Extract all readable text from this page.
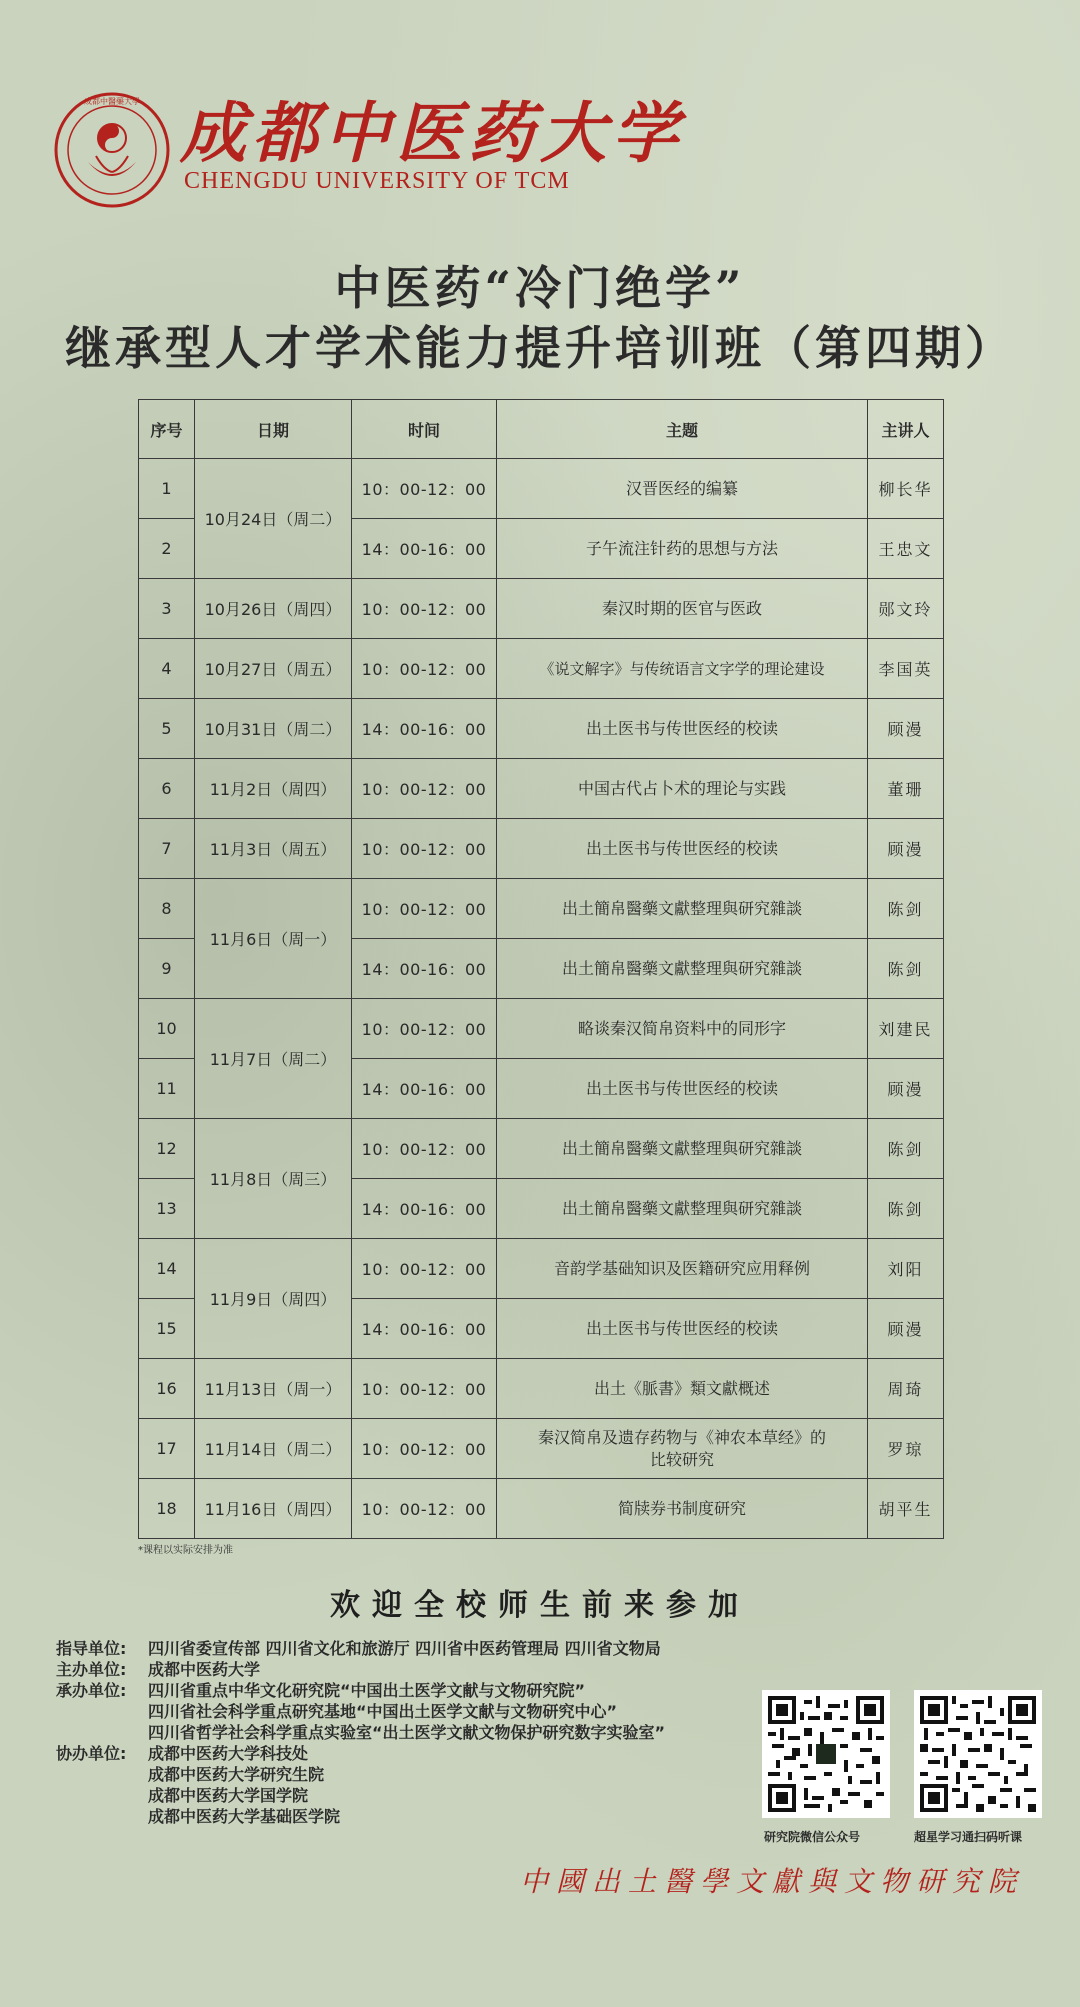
成都中醫藥大學 成都中医药大学
CHENGDU UNIVERSITY OF TCM
中医药“冷门绝学”
继承型人才学术能力提升培训班（第四期）
序号	日期	时间	主题	主讲人
1	10月24日（周二）	10：00-12：00	汉晋医经的编纂	柳长华
2		14：00-16：00	子午流注针药的思想与方法	王忠文
3	10月26日（周四）	10：00-12：00	秦汉时期的医官与医政	郧文玲
4	10月27日（周五）	10：00-12：00	《说文解字》与传统语言文字学的理论建设	李国英
5	10月31日（周二）	14：00-16：00	出土医书与传世医经的校读	顾漫
6	11月2日（周四）	10：00-12：00	中国古代占卜术的理论与实践	董珊
7	11月3日（周五）	10：00-12：00	出土医书与传世医经的校读	顾漫
8	11月6日（周一）	10：00-12：00	出土簡帛醫藥文獻整理與研究雜談	陈剑
9		14：00-16：00	出土簡帛醫藥文獻整理與研究雜談	陈剑
10	11月7日（周二）	10：00-12：00	略谈秦汉简帛资料中的同形字	刘建民
11		14：00-16：00	出土医书与传世医经的校读	顾漫
12	11月8日（周三）	10：00-12：00	出土簡帛醫藥文獻整理與研究雜談	陈剑
13		14：00-16：00	出土簡帛醫藥文獻整理與研究雜談	陈剑
14	11月9日（周四）	10：00-12：00	音韵学基础知识及医籍研究应用释例	刘阳
15		14：00-16：00	出土医书与传世医经的校读	顾漫
16	11月13日（周一）	10：00-12：00	出土《脈書》類文獻概述	周琦
17	11月14日（周二）	10：00-12：00	秦汉简帛及遗存药物与《神农本草经》的
比较研究	罗琼
18	11月16日（周四）	10：00-12：00	简牍券书制度研究	胡平生
*课程以实际安排为准
欢迎全校师生前来参加
指导单位:	四川省委宣传部 四川省文化和旅游厅 四川省中医药管理局 四川省文物局
主办单位:	成都中医药大学
承办单位:	四川省重点中华文化研究院“中国出土医学文献与文物研究院”
四川省社会科学重点研究基地“中国出土医学文献与文物研究中心”
四川省哲学社会科学重点实验室“出土医学文献文物保护研究数字实验室”
协办单位:	成都中医药大学科技处
成都中医药大学研究生院
成都中医药大学国学院
成都中医药大学基础医学院
研究院微信公众号	超星学习通扫码听课
中國出土醫學文獻與文物研究院
